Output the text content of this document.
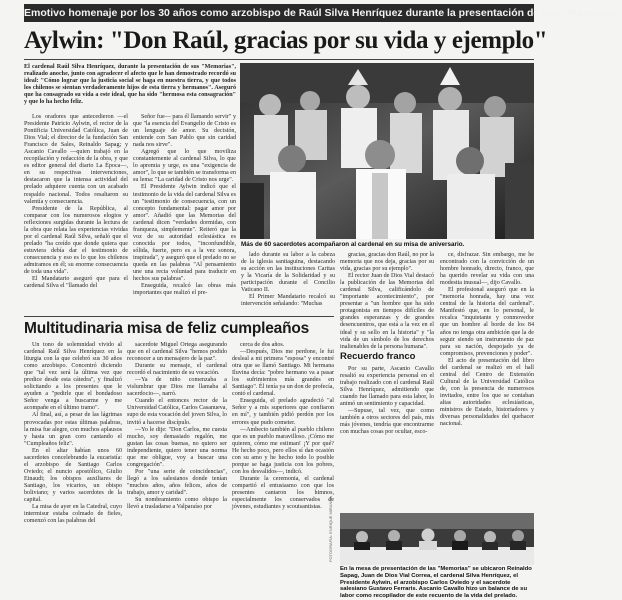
Emotivo homenaje por los 30 años como arzobispo de Raúl Silva Henríquez durante la presentación de sus "Memorias"
Aylwin: "Don Raúl, gracias por su vida y ejemplo"

El cardenal Raúl Silva Henríquez, durante la presentación de sus "Memorias", realizado anoche, junto con agradecer el afecto que le han demostrado recordó su ideal: "Cómo lograr que la justicia social se haga en nuestra tierra, y que todos los chilenos se sientan verdaderamente hijos de esta tierra y hermanos". Aseguró que ha consagrado su vida a este ideal, que ha sido "hermosa esta consagración" y que lo ha hecho feliz.

Los oradores que antecedieron —el Presidente Patricio Aylwin, el rector de la Pontificia Universidad Católica, Juan de Dios Vial; el director de la fundación San Francisco de Sales, Reinaldo Sapag; y Ascanio Cavallo —quien trabajó en la recopilación y redacción de la obra, y que es editor general del diario La Época—, en su respectivas intervenciones, destacaron que la intensa actividad del prelado adquiere cuenta con un acabado respaldo nacional. Todos resaltaron su valentía y consecuencia.

Presidente de la República, al comparar con los numerosos elogios y reflexiones surgidas durante la lectura de la obra que relata las experiencias vividas por el cardenal Raúl Silva, señaló que el prelado "ha creído que donde quiera que estuviera debía dar el testimonio de consecuencia y eso es lo que los chilenos admiramos en él; su enorme consecuencia de toda una vida".

El Mandatario aseguró que para el cardenal Silva el "llamado del

Señor fue— para él llamando servir" y que "la esencia del Evangelio de Cristo es un lenguaje de amor. Su decisión, entiende con San Pablo que sin caridad nada nos sirve".

Agregó que lo que moviliza constantemente al cardenal Silva, lo que lo apremia y urge, es una "exigencia de amor", lo que se también se transforma en su lema: "La caridad de Cristo nos urge".

El Presidente Aylwin indicó que el testimonio de la vida del cardenal Silva es un "testimonio de consecuencia, con un concepto fundamental: pagar amor por amor". Añadió que las Memorias del cardenal dicen "verdades dormidas, con franqueza, simplemente". Reiteró que la voz de su autoridad eclesiástica es conocida por todos, "inconfundible, sólida, fuerte, pero es a la vez sonora, inspirada", y aseguró que el prelado no se queda en las palabras "Al pensamiento une una recta voluntad para traducir en hechos sus palabras".

Enseguida, recalcó las obras más importantes que realizó el pre-

Más de 60 sacerdotes acompañaron al cardenal en su misa de aniversario.

lado durante su labor a la cabeza de la iglesia santiaguina, destacando su acción en las instituciones Caritas y la Vicaría de la Solidaridad y su participación durante el Concilio Vaticano II.

El Primer Mandatario recalcó su intervención señalando: "Muchas

gracias, gracias don Raúl, no por la memoria que nos deja, gracias por su vida, gracias por su ejemplo".

El rector Juan de Dios Vial destacó la publicación de las Memorias del cardenal Silva, calificándolo de "importante acontecimiento", por presentar a "un hombre que ha sido protagonista en tiempos difíciles de grandes esperanzas y de grandes desencuentros, que está a la vez en el ideal y su sello en la historia" y "la vida de un símbolo de los derechos inalienables de la persona humana".

ce, disfrazar. Sin embargo, me he encontrado con la convicción de un hombre honrado, directo, franco, que ha querido revelar su vida con una modestia inusual—, dijo Cavallo.

El profesional aseguró que en la "memoria honrada, hay una voz central de la historia del cardenal". Manifestó que, en lo personal, le recalca "inquietante y conmovedor que un hombre al borde de los 84 años no tenga otra ambición que la de seguir siendo un instrumento de paz para su nación, despojado ya de compromisos, prevenciones y poder".

El acto de presentación del libro del cardenal se realizó en el hall central del Centro de Extensión Cultural de la Universidad Católica de, con la presencia de numerosos invitados, entre los que se contaban altas autoridades eclesiásticas, ministros de Estado, historiadores y diversas personalidades del quehacer nacional.

Multitudinaria misa de feliz cumpleaños

Un tono de solemnidad vivido al cardenal Raúl Silva Henríquez en la liturgia con la que celebró sus 30 años como arzobispo. Concentró diciendo que "tal vez será la última vez que predice desde esta cátedra", y finalizó solicitando a los presentes que le ayuden a "pedirle que el bondadoso Señor venga a buscarme y me acompañe en el último tramo".

Al final, así, a pesar de las lágrimas provocadas por estas últimas palabras, la misa fue alegre, con muchos aplausos y hasta un gran coro cantando el "Cumpleaños feliz".

En el altar habían unos 60 sacerdotes concelebrando la eucaristía: el arzobispo de Santiago Carlos Oviedo; el nuncio apostólico, Giulio Einaudi; los obispos auxiliares de Santiago, los vicarios, un obispo boliviano; y varios sacerdotes de la capital.

La misa de ayer en la Catedral, cuyo intermisur estaba colmado de fieles, comenzó con las palabras del

sacerdote Miguel Ortega asegurando que en el cardenal Silva "hemos podido reconocer a un mensajero de la paz".

Durante su mensaje, el cardenal recordó el nacimiento de su vocación.

—Ya de niño comenzaba a vislumbrar que Dios me llamaba al sacerdocio—, narró.

Cuando el entonces rector de la Universidad Católica, Carlos Casanueva, supo de esta vocación del joven Silva, lo invitó a hacerse discípulo.

—Yo le dije: "Don Carlos, me cuesta mucho, soy demasiado regalón, me gustan las cosas buenas, no quiero ser independiente, quiero tener una norma que me obligue, voy a buscar una congregación".

Por "una serie de coincidencias", llegó a los salesianos donde tenían "muchos años, años felices, años de trabajo, amor y caridad".

Su nombramiento como obispo la llevó a trasladarse a Valparaíso por

cerca de dos años.

—Después, Dios me perdone, le fui desleal a mi primera "esposa" y encontré otra que se llamó Santiago. Mi hermana Iluvina decía: "pobre hermano va a pasar los sufrimientos más grandes en Santiago". Él tenía ya un don de profecía, contó el cardenal.

Enseguida, el prelado agradeció "al Señor y a mis superiores que confiaron en mí", y también pidió perdón por los errores que pudo cometer.

—Ambecto también al pueblo chileno que es un pueblo maravilloso. ¡Cómo me quieren, cómo me estiman! ¡Y por qué? He hecho poco, pero ellos sí dan ocasión con su amo y he hecho todo lo posible porque se haga justicia con los pobres, con los desvalidos—, indicó.

Durante la ceremonia, el cardenal compartió el entusiasmo con que los presentes cantaron los himnos, especialmente los conservados de jóvenes, estudiantes y scoutsantistas.

Recuerdo franco

Por su parte, Ascanio Cavallo resaltó su experiencia personal en el trabajo realizado con el cardenal Raúl Silva Henríquez, admitiendo que cuando fue llamado para esta labor, lo animó un sentimiento y capacidad.

—Supuse, tal vez, que como también a otros sectores del país, mis más jóvenes, tendría que encontrarme con muchas cosas por ocultar, esco-

FOTOGRAFÍA: ENRIQUE MIRANDA
En la mesa de presentación de las "Memorias" se ubicaron Reinaldo Sapag, Juan de Dios Vial Correa, el cardenal Silva Henríquez, el Presidente Aylwin, el arzobispo Carlos Oviedo y el sacerdote salesiano Gustavo Ferraris. Ascanio Cavallo hizo un balance de su labor como recopilador de este recuento de la vida del prelado.
